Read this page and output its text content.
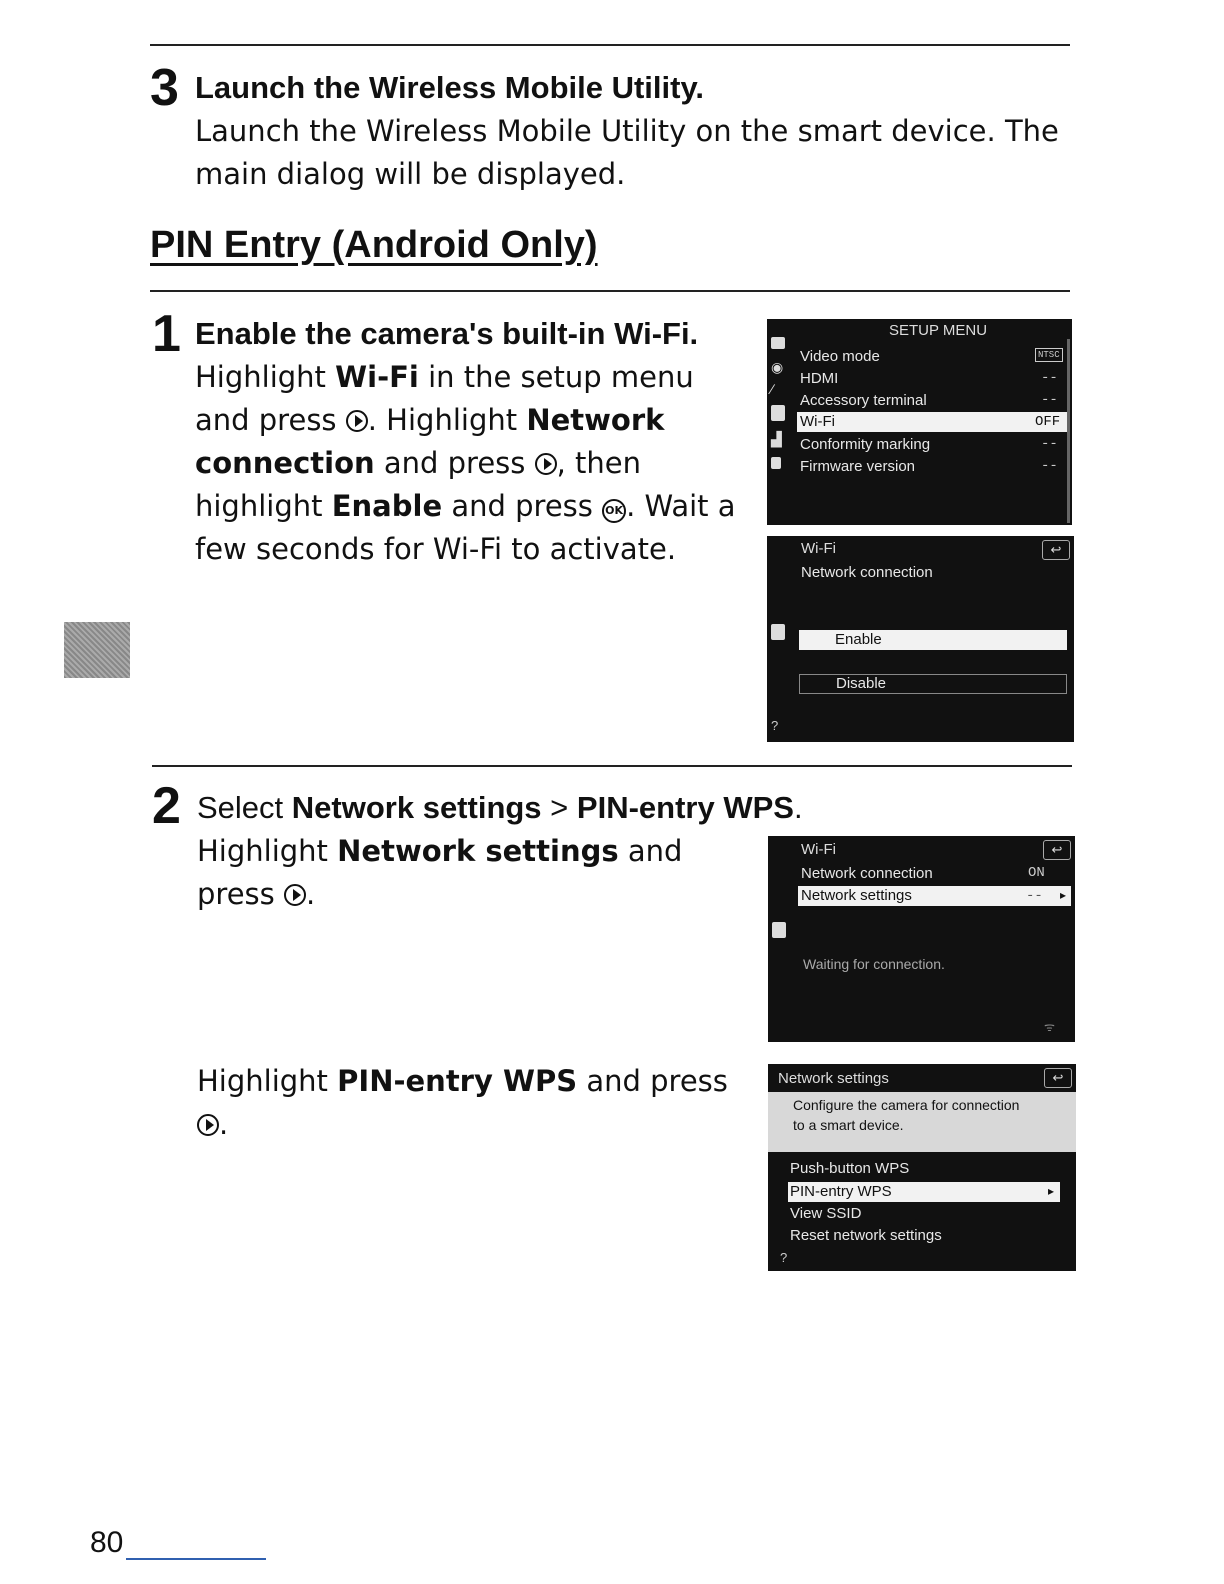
3 Launch the Wireless Mobile Utility.
Launch the Wireless Mobile Utility on the smart device. The main dialog will be displayed.
PIN Entry (Android Only)
1 Enable the camera's built-in Wi-Fi.
Highlight Wi-Fi in the setup menu and press . Highlight Network connection and press , then highlight Enable and press OK . Wait a few seconds for Wi-Fi to activate.
SETUP MENU
◉
∕
▟
Video mode	NTSC
HDMI	--
Accessory terminal	--
Wi-Fi	OFF
Conformity marking	--
Firmware version	--
Wi-Fi	↩
Network connection
?
Enable
Disable
2 Select Network settings > PIN-entry WPS.
Highlight Network settings and press .
Wi-Fi	↩
Network connection	ON
Network settings	-- ▸
Waiting for connection.
ᯤ
Highlight PIN-entry WPS and press .
Network settings	↩
Configure the camera for connection to a smart device.
Push-button WPS
PIN-entry WPS	▸
View SSID
Reset network settings
?
80
